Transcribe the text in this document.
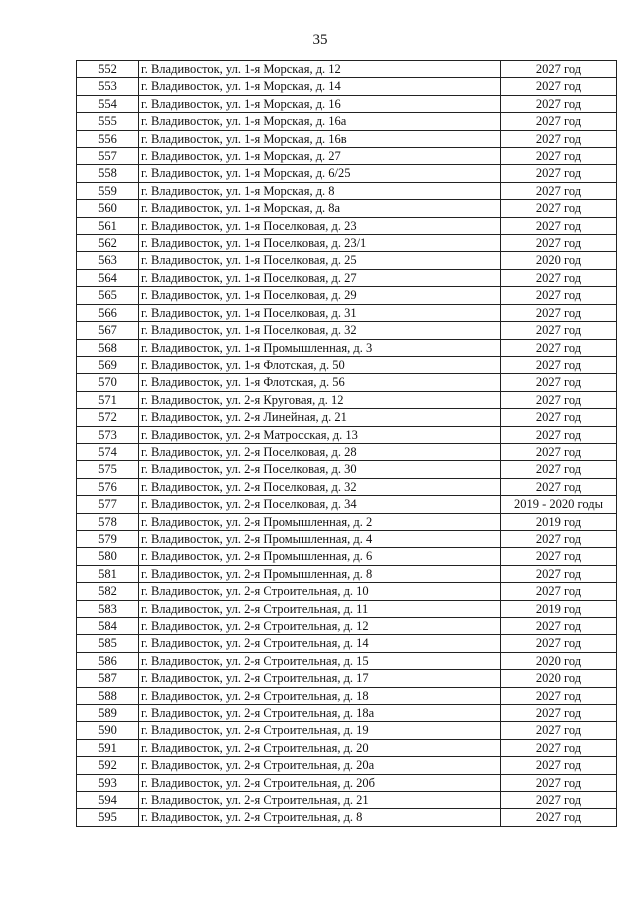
35
552	г. Владивосток, ул. 1-я Морская, д. 12	2027 год
553	г. Владивосток, ул. 1-я Морская, д. 14	2027 год
554	г. Владивосток, ул. 1-я Морская, д. 16	2027 год
555	г. Владивосток, ул. 1-я Морская, д. 16а	2027 год
556	г. Владивосток, ул. 1-я Морская, д. 16в	2027 год
557	г. Владивосток, ул. 1-я Морская, д. 27	2027 год
558	г. Владивосток, ул. 1-я Морская, д. 6/25	2027 год
559	г. Владивосток, ул. 1-я Морская, д. 8	2027 год
560	г. Владивосток, ул. 1-я Морская, д. 8а	2027 год
561	г. Владивосток, ул. 1-я Поселковая, д. 23	2027 год
562	г. Владивосток, ул. 1-я Поселковая, д. 23/1	2027 год
563	г. Владивосток, ул. 1-я Поселковая, д. 25	2020 год
564	г. Владивосток, ул. 1-я Поселковая, д. 27	2027 год
565	г. Владивосток, ул. 1-я Поселковая, д. 29	2027 год
566	г. Владивосток, ул. 1-я Поселковая, д. 31	2027 год
567	г. Владивосток, ул. 1-я Поселковая, д. 32	2027 год
568	г. Владивосток, ул. 1-я Промышленная, д. 3	2027 год
569	г. Владивосток, ул. 1-я Флотская, д. 50	2027 год
570	г. Владивосток, ул. 1-я Флотская, д. 56	2027 год
571	г. Владивосток, ул. 2-я Круговая, д. 12	2027 год
572	г. Владивосток, ул. 2-я Линейная, д. 21	2027 год
573	г. Владивосток, ул. 2-я Матросская, д. 13	2027 год
574	г. Владивосток, ул. 2-я Поселковая, д. 28	2027 год
575	г. Владивосток, ул. 2-я Поселковая, д. 30	2027 год
576	г. Владивосток, ул. 2-я Поселковая, д. 32	2027 год
577	г. Владивосток, ул. 2-я Поселковая, д. 34	2019 - 2020 годы
578	г. Владивосток, ул. 2-я Промышленная, д. 2	2019 год
579	г. Владивосток, ул. 2-я Промышленная, д. 4	2027 год
580	г. Владивосток, ул. 2-я Промышленная, д. 6	2027 год
581	г. Владивосток, ул. 2-я Промышленная, д. 8	2027 год
582	г. Владивосток, ул. 2-я Строительная, д. 10	2027 год
583	г. Владивосток, ул. 2-я Строительная, д. 11	2019 год
584	г. Владивосток, ул. 2-я Строительная, д. 12	2027 год
585	г. Владивосток, ул. 2-я Строительная, д. 14	2027 год
586	г. Владивосток, ул. 2-я Строительная, д. 15	2020 год
587	г. Владивосток, ул. 2-я Строительная, д. 17	2020 год
588	г. Владивосток, ул. 2-я Строительная, д. 18	2027 год
589	г. Владивосток, ул. 2-я Строительная, д. 18а	2027 год
590	г. Владивосток, ул. 2-я Строительная, д. 19	2027 год
591	г. Владивосток, ул. 2-я Строительная, д. 20	2027 год
592	г. Владивосток, ул. 2-я Строительная, д. 20а	2027 год
593	г. Владивосток, ул. 2-я Строительная, д. 20б	2027 год
594	г. Владивосток, ул. 2-я Строительная, д. 21	2027 год
595	г. Владивосток, ул. 2-я Строительная, д. 8	2027 год
